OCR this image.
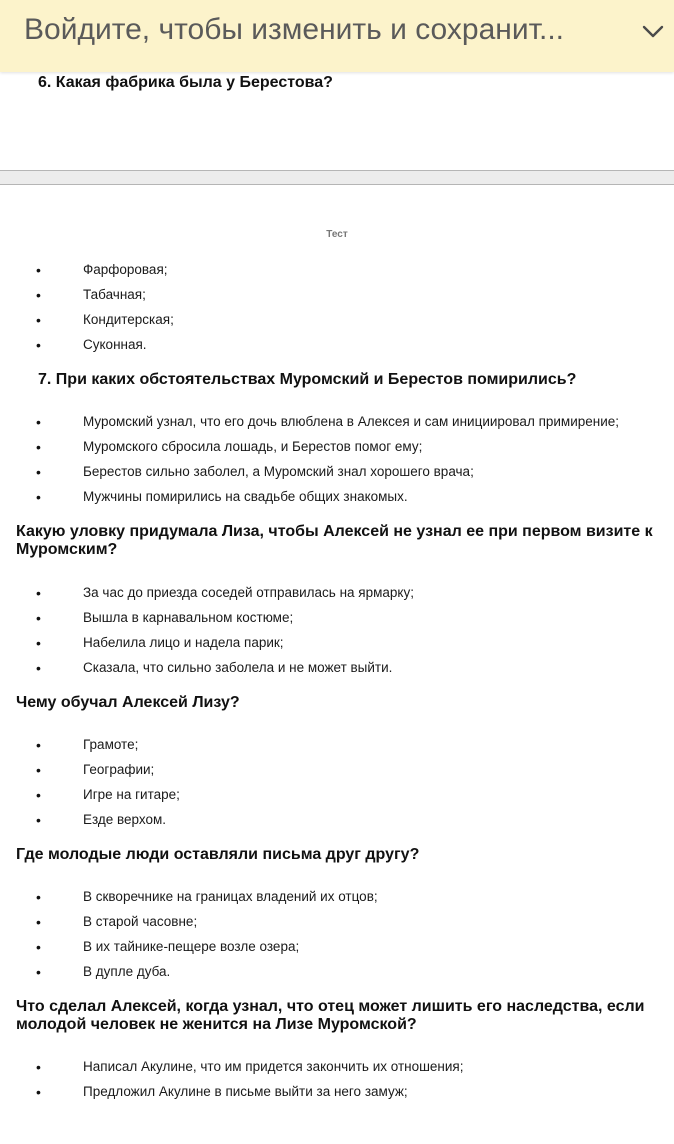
6. Какая фабрика была у Берестова?
Тест
•	Фарфоровая;
•	Табачная;
•	Кондитерская;
•	Суконная.
7. При каких обстоятельствах Муромский и Берестов помирились?
•	Муромский узнал, что его дочь влюблена в Алексея и сам инициировал примирение;
•	Муромского сбросила лошадь, и Берестов помог ему;
•	Берестов сильно заболел, а Муромский знал хорошего врача;
•	Мужчины помирились на свадьбе общих знакомых.
Какую уловку придумала Лиза, чтобы Алексей не узнал ее при первом визите к Муромским?
•	За час до приезда соседей отправилась на ярмарку;
•	Вышла в карнавальном костюме;
•	Набелила лицо и надела парик;
•	Сказала, что сильно заболела и не может выйти.
Чему обучал Алексей Лизу?
•	Грамоте;
•	Географии;
•	Игре на гитаре;
•	Езде верхом.
Где молодые люди оставляли письма друг другу?
•	В скворечнике на границах владений их отцов;
•	В старой часовне;
•	В их тайнике-пещере возле озера;
•	В дупле дуба.
Что сделал Алексей, когда узнал, что отец может лишить его наследства, если молодой человек не женится на Лизе Муромской?
•	Написал Акулине, что им придется закончить их отношения;
•	Предложил Акулине в письме выйти за него замуж;
Войдите, чтобы изменить и сохранит...
